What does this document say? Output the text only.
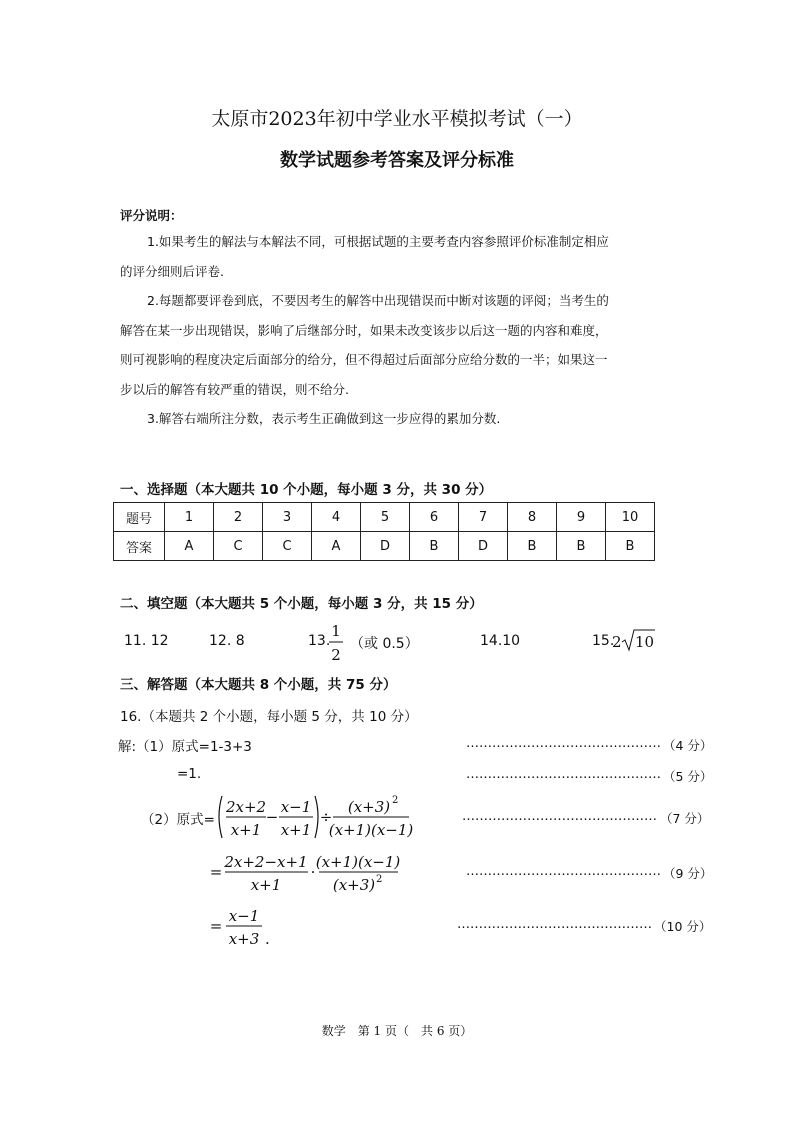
太原市2023年初中学业水平模拟考试（一）
数学试题参考答案及评分标准
评分说明：
1.如果考生的解法与本解法不同，可根据试题的主要考查内容参照评价标准制定相应
的评分细则后评卷.
2.每题都要评卷到底，不要因考生的解答中出现错误而中断对该题的评阅；当考生的
解答在某一步出现错误，影响了后继部分时，如果未改变该步以后这一题的内容和难度，
则可视影响的程度决定后面部分的给分，但不得超过后面部分应给分数的一半；如果这一
步以后的解答有较严重的错误，则不给分.
3.解答右端所注分数，表示考生正确做到这一步应得的累加分数.
一、选择题（本大题共 10 个小题，每小题 3 分，共 30 分）
题号	1	2	3	4	5	6	7	8	9	10
答案	A	C	C	A	D	B	D	B	B	B
二、填空题（本大题共 5 个小题，每小题 3 分，共 15 分）
11. 12	12. 8	13.
1
2
（或 0.5）	14.10	15.
2 10
三、解答题（本大题共 8 个小题，共 75 分）
16.（本题共 2 个小题，每小题 5 分，共 10 分）
解:（1）原式=1-3+3	……………………………………… （4 分）
=1.	……………………………………… （5 分）
（2）原式=
2x+2
x+1
−
x−1
x+1
÷
(x+3) 2
(x+1)(x−1)
……………………………………… （7 分）
=
2x+2−x+1
x+1
·
(x+1)(x−1)
(x+3) 2
……………………………………… （9 分）
=
x−1
x+3 .
……………………………………… （10 分）
数学　第 1 页（　共 6 页）
